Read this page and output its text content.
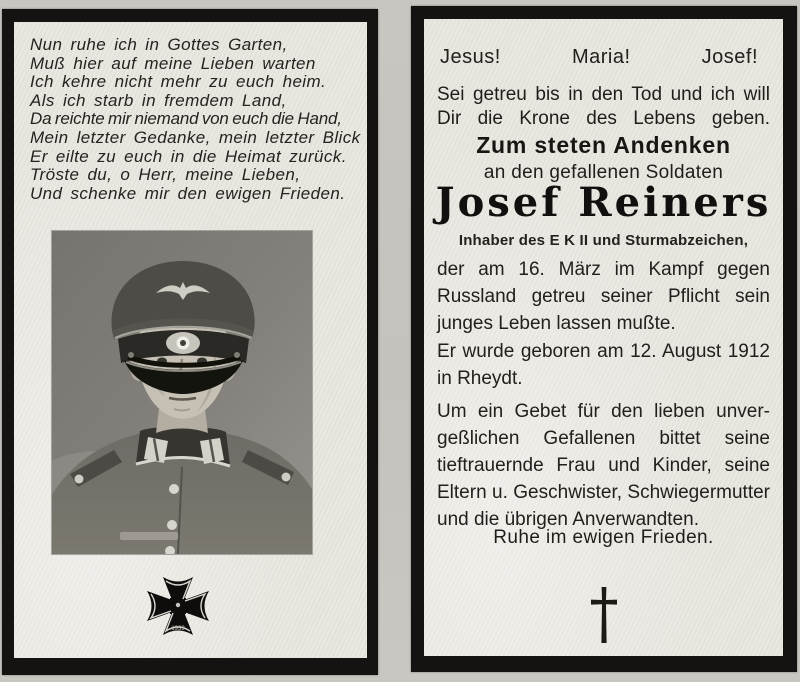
Nun ruhe ich in Gottes Garten,
Muß hier auf meine Lieben warten
Ich kehre nicht mehr zu euch heim.
Als ich starb in fremdem Land,
Da reichte mir niemand von euch die Hand,
Mein letzter Gedanke, mein letzter Blick
Er eilte zu euch in die Heimat zurück.
Tröste du, o Herr, meine Lieben,
Und schenke mir den ewigen Frieden.
1939
Jesus!	Maria!	Josef!
Sei getreu bis in den Tod und ich will
Dir die Krone des Lebens geben.
Zum steten Andenken
an den gefallenen Soldaten
Josef Reiners
Inhaber des E K II und Sturmabzeichen,
der am 16. März im Kampf gegen
Russland getreu seiner Pflicht sein
junges Leben lassen mußte.
Er wurde geboren am 12. August 1912
in Rheydt.
Um ein Gebet für den lieben unver-
geßlichen Gefallenen bittet seine
tieftrauernde Frau und Kinder, seine
Eltern u. Geschwister, Schwiegermutter
und die übrigen Anverwandten.
Ruhe im ewigen Frieden.
